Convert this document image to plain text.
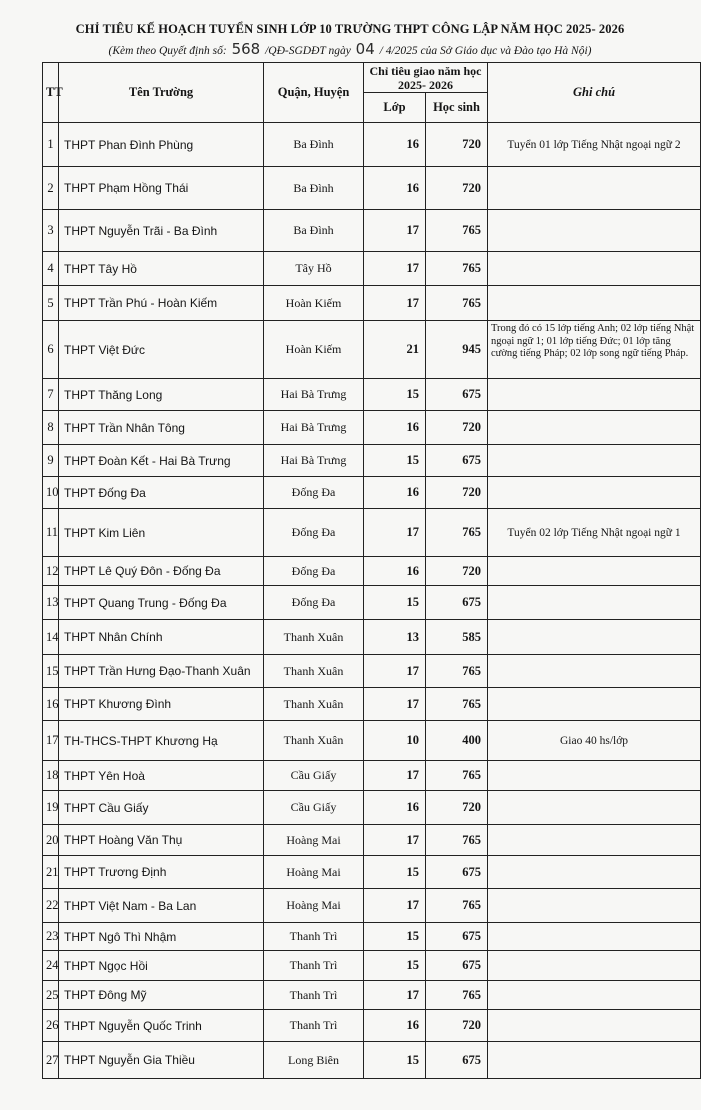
CHỈ TIÊU KẾ HOẠCH TUYỂN SINH LỚP 10 TRƯỜNG THPT CÔNG LẬP NĂM HỌC 2025- 2026
(Kèm theo Quyết định số: 568 /QĐ-SGDĐT ngày 04 / 4/2025 của Sở Giáo dục và Đào tạo Hà Nội)
TT	Tên Trường	Quận, Huyện	Chỉ tiêu giao năm học 2025- 2026		Ghi chú
			Lớp	Học sinh	
1	THPT Phan Đình Phùng	Ba Đình	16	720	Tuyển 01 lớp Tiếng Nhật ngoại ngữ 2
2	THPT Phạm Hồng Thái	Ba Đình	16	720	
3	THPT Nguyễn Trãi - Ba Đình	Ba Đình	17	765	
4	THPT Tây Hồ	Tây Hồ	17	765	
5	THPT Trần Phú - Hoàn Kiếm	Hoàn Kiếm	17	765	
6	THPT Việt Đức	Hoàn Kiếm	21	945	Trong đó có 15 lớp tiếng Anh; 02 lớp tiếng Nhật ngoại ngữ 1; 01 lớp tiếng Đức; 01 lớp tăng cường tiếng Pháp; 02 lớp song ngữ tiếng Pháp.
7	THPT Thăng Long	Hai Bà Trưng	15	675	
8	THPT Trần Nhân Tông	Hai Bà Trưng	16	720	
9	THPT Đoàn Kết - Hai Bà Trưng	Hai Bà Trưng	15	675	
10	THPT Đống Đa	Đống Đa	16	720	
11	THPT Kim Liên	Đống Đa	17	765	Tuyển 02 lớp Tiếng Nhật ngoại ngữ 1
12	THPT Lê Quý Đôn - Đống Đa	Đống Đa	16	720	
13	THPT Quang Trung - Đống Đa	Đống Đa	15	675	
14	THPT Nhân Chính	Thanh Xuân	13	585	
15	THPT Trần Hưng Đạo-Thanh Xuân	Thanh Xuân	17	765	
16	THPT Khương Đình	Thanh Xuân	17	765	
17	TH-THCS-THPT Khương Hạ	Thanh Xuân	10	400	Giao 40 hs/lớp
18	THPT Yên Hoà	Cầu Giấy	17	765	
19	THPT Cầu Giấy	Cầu Giấy	16	720	
20	THPT Hoàng Văn Thụ	Hoàng Mai	17	765	
21	THPT Trương Định	Hoàng Mai	15	675	
22	THPT Việt Nam - Ba Lan	Hoàng Mai	17	765	
23	THPT Ngô Thì Nhậm	Thanh Trì	15	675	
24	THPT Ngọc Hồi	Thanh Trì	15	675	
25	THPT Đông Mỹ	Thanh Trì	17	765	
26	THPT Nguyễn Quốc Trinh	Thanh Trì	16	720	
27	THPT Nguyễn Gia Thiều	Long Biên	15	675	
